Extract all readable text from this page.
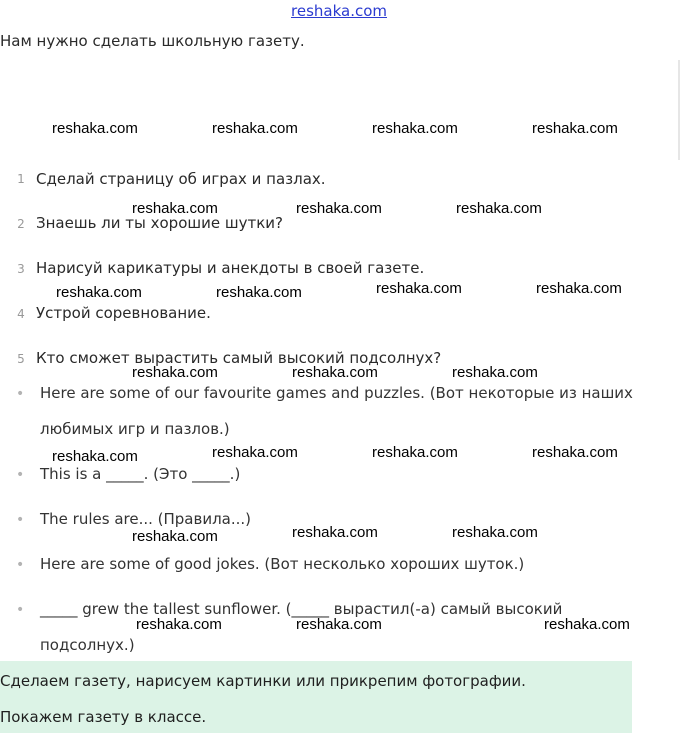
reshaka.com
Нам нужно сделать школьную газету.
1 Сделай страницу об играх и пазлах.
2 Знаешь ли ты хорошие шутки?
3 Нарисуй карикатуры и анекдоты в своей газете.
4 Устрой соревнование.
5 Кто сможет вырастить самый высокий подсолнух?
• Here are some of our favourite games and puzzles. (Вот некоторые из наших
любимых игр и пазлов.)
• This is a _____. (Это _____.)
• The rules are... (Правила...)
• Here are some of good jokes. (Вот несколько хороших шуток.)
• _____ grew the tallest sunflower. (_____ вырастил(-а) самый высокий
подсолнух.)
Сделаем газету, нарисуем картинки или прикрепим фотографии.
Покажем газету в классе.
reshaka.com	reshaka.com	reshaka.com	reshaka.com
reshaka.com	reshaka.com	reshaka.com
reshaka.com	reshaka.com	reshaka.com	reshaka.com
reshaka.com	reshaka.com	reshaka.com
reshaka.com	reshaka.com	reshaka.com	reshaka.com
reshaka.com	reshaka.com	reshaka.com
reshaka.com	reshaka.com	reshaka.com
